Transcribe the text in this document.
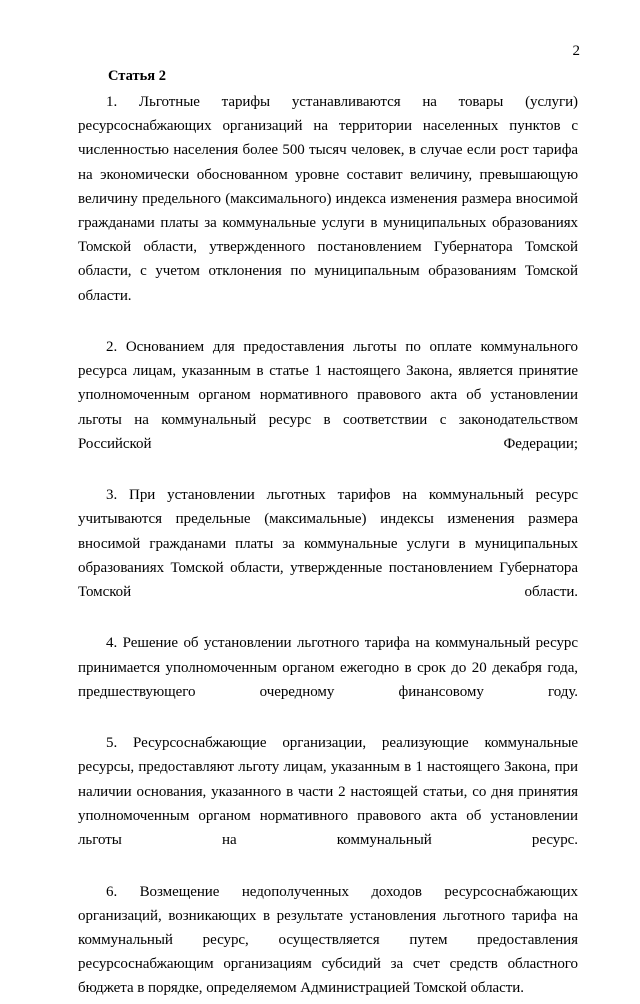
2
Статья 2

1. Льготные тарифы устанавливаются на товары (услуги) ресурсоснабжающих организаций на территории населенных пунктов с численностью населения более 500 тысяч человек, в случае если рост тарифа на экономически обоснованном уровне составит величину, превышающую величину предельного (максимального) индекса изменения размера вносимой гражданами платы за коммунальные услуги в муниципальных образованиях Томской области, утвержденного постановлением Губернатора Томской области, с учетом отклонения по муниципальным образованиям Томской области.

2. Основанием для предоставления льготы по оплате коммунального ресурса лицам, указанным в статье 1 настоящего Закона, является принятие уполномоченным органом нормативного правового акта об установлении льготы на коммунальный ресурс в соответствии с законодательством Российской Федерации;

3. При установлении льготных тарифов на коммунальный ресурс учитываются предельные (максимальные) индексы изменения размера вносимой гражданами платы за коммунальные услуги в муниципальных образованиях Томской области, утвержденные постановлением Губернатора Томской области.

4. Решение об установлении льготного тарифа на коммунальный ресурс принимается уполномоченным органом ежегодно в срок до 20 декабря года, предшествующего очередному финансовому году.

5. Ресурсоснабжающие организации, реализующие коммунальные ресурсы, предоставляют льготу лицам, указанным в 1 настоящего Закона, при наличии основания, указанного в части 2 настоящей статьи, со дня принятия уполномоченным органом нормативного правового акта об установлении льготы на коммунальный ресурс.

6. Возмещение недополученных доходов ресурсоснабжающих организаций, возникающих в результате установления льготного тарифа на коммунальный ресурс, осуществляется путем предоставления ресурсоснабжающим организациям субсидий за счет средств областного бюджета в порядке, определяемом Администрацией Томской области.
